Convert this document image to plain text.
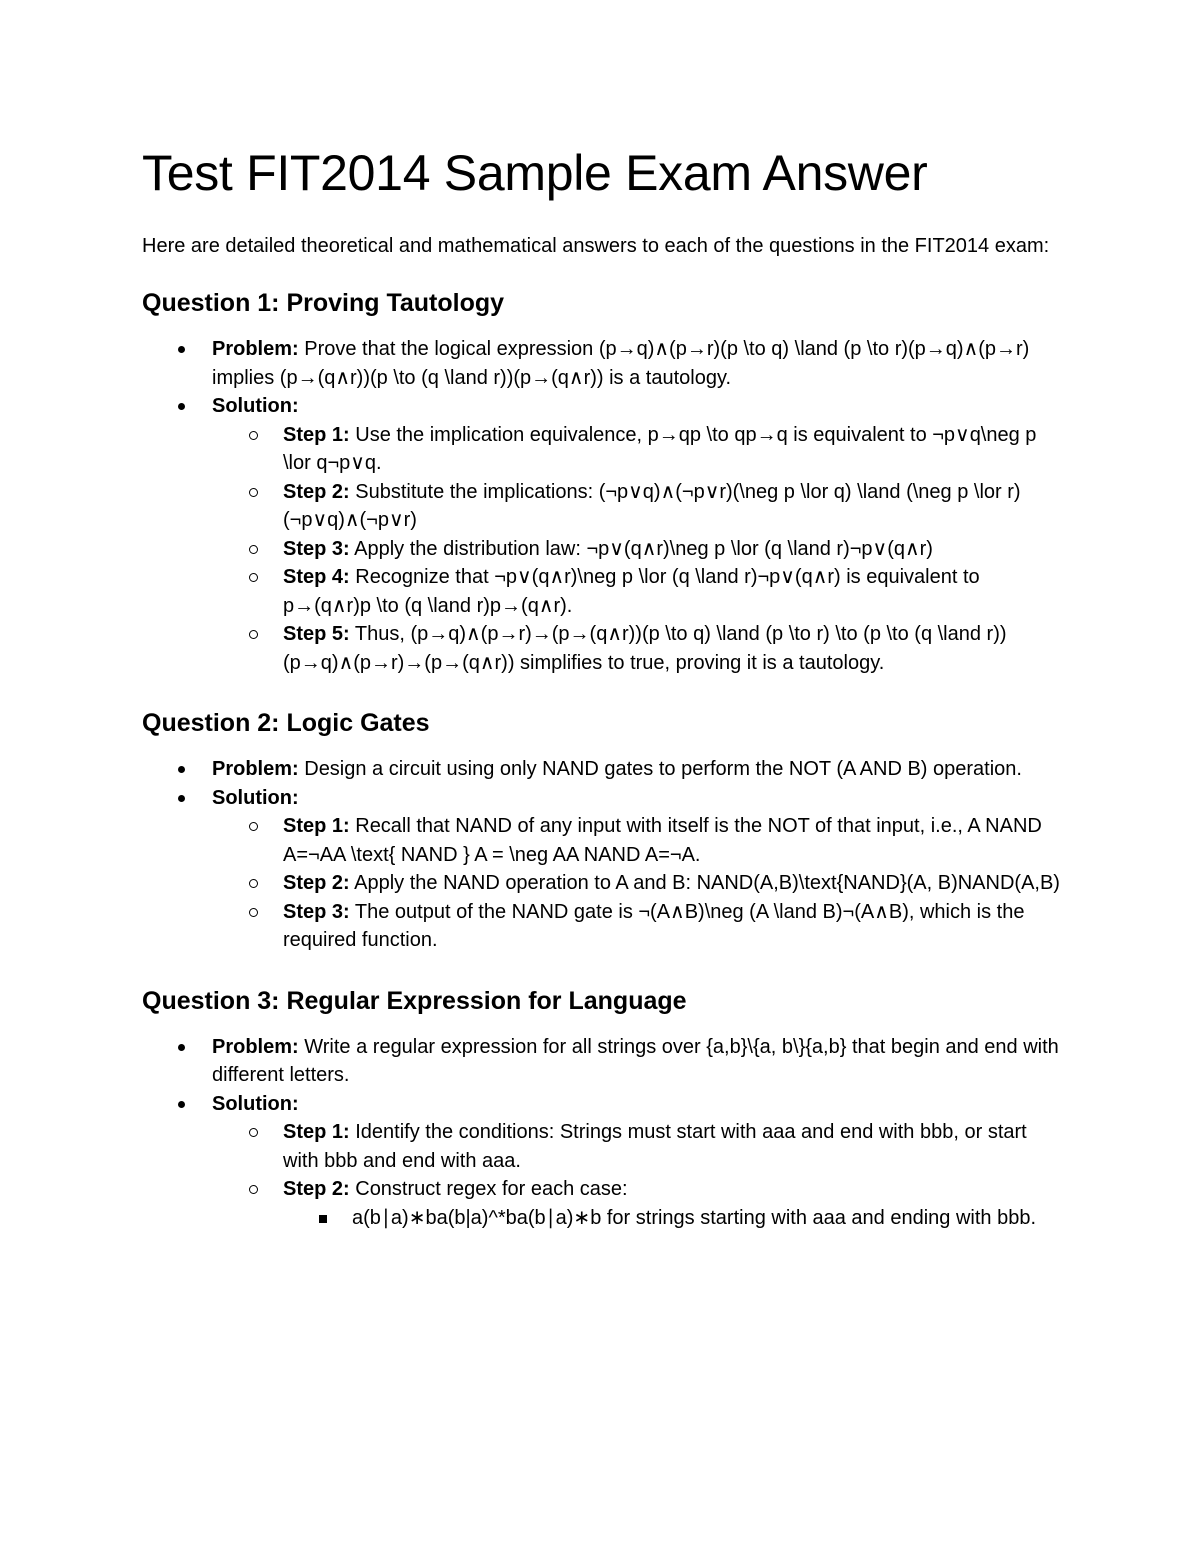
Test FIT2014 Sample Exam Answer

Here are detailed theoretical and mathematical answers to each of the questions in the FIT2014 exam:

Question 1: Proving Tautology
Problem: Prove that the logical expression (p→q)∧(p→r)(p \to q) \land (p \to r)(p→q)∧(p→r) implies (p→(q∧r))(p \to (q \land r))(p→(q∧r)) is a tautology.
Solution:
Step 1: Use the implication equivalence, p→qp \to qp→q is equivalent to ¬p∨q\neg p \lor q¬p∨q.
Step 2: Substitute the implications: (¬p∨q)∧(¬p∨r)(\neg p \lor q) \land (\neg p \lor r)(¬p∨q)∧(¬p∨r)
Step 3: Apply the distribution law: ¬p∨(q∧r)\neg p \lor (q \land r)¬p∨(q∧r)
Step 4: Recognize that ¬p∨(q∧r)\neg p \lor (q \land r)¬p∨(q∧r) is equivalent to p→(q∧r)p \to (q \land r)p→(q∧r).
Step 5: Thus, (p→q)∧(p→r)→(p→(q∧r))(p \to q) \land (p \to r) \to (p \to (q \land r))(p→q)∧(p→r)→(p→(q∧r)) simplifies to true, proving it is a tautology.
Question 2: Logic Gates
Problem: Design a circuit using only NAND gates to perform the NOT (A AND B) operation.
Solution:
Step 1: Recall that NAND of any input with itself is the NOT of that input, i.e., A NAND A=¬AA \text{ NAND } A = \neg AA NAND A=¬A.
Step 2: Apply the NAND operation to A and B: NAND(A,B)\text{NAND}(A, B)NAND(A,B)
Step 3: The output of the NAND gate is ¬(A∧B)\neg (A \land B)¬(A∧B), which is the required function.
Question 3: Regular Expression for Language
Problem: Write a regular expression for all strings over {a,b}\{a, b\}{a,b} that begin and end with different letters.
Solution:
Step 1: Identify the conditions: Strings must start with aaa and end with bbb, or start with bbb and end with aaa.
Step 2: Construct regex for each case:
a(b∣a)∗ba(b|a)^*ba(b∣a)∗b for strings starting with aaa and ending with bbb.
